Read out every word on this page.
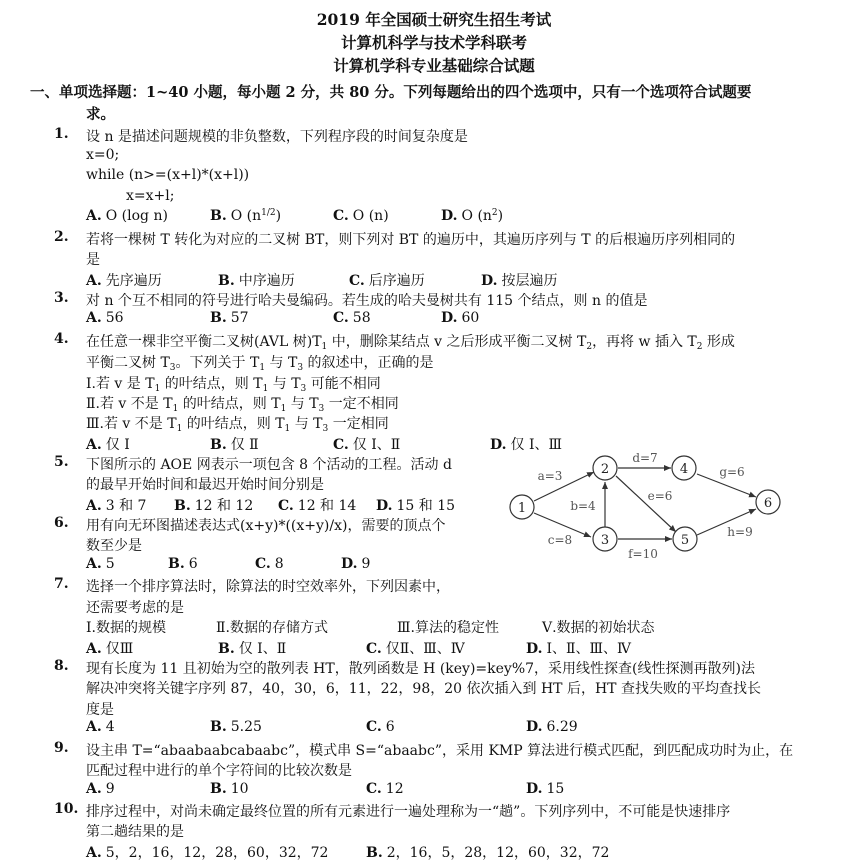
2019 年全国硕士研究生招生考试
计算机科学与技术学科联考
计算机学科专业基础综合试题
一、单项选择题：1~40 小题，每小题 2 分，共 80 分。下列每题给出的四个选项中，只有一个选项符合试题要
求。
1. 设 n 是描述问题规模的非负整数，下列程序段的时间复杂度是
x=0;
while (n>=(x+l)*(x+l))
x=x+l;
A. O (log n)	B. O $(n^{1/2})$	C. O (n)	D. O $(n^2)$
2. 若将一棵树 T 转化为对应的二叉树 BT，则下列对 BT 的遍历中，其遍历序列与 T 的后根遍历序列相同的
是
A. 先序遍历	B. 中序遍历	C. 后序遍历	D. 按层遍历
3. 对 n 个互不相同的符号进行哈夫曼编码。若生成的哈夫曼树共有 115 个结点，则 n 的值是
A. 56	B. 57	C. 58	D. 60
4. 在任意一棵非空平衡二叉树(AVL 树)$T_1$ 中，删除某结点 v 之后形成平衡二叉树 $T_2$，再将 w 插入 $T_2$ 形成
平衡二叉树 $T_3$。下列关于 $T_1$ 与 $T_3$ 的叙述中，正确的是
I.若 v 是 $T_1$ 的叶结点，则 $T_1$ 与 $T_3$ 可能不相同
Ⅱ.若 v 不是 $T_1$ 的叶结点，则 $T_1$ 与 $T_3$ 一定不相同
Ⅲ.若 v 不是 $T_1$ 的叶结点，则 $T_1$ 与 $T_3$ 一定相同
A. 仅 I	B. 仅 Ⅱ	C. 仅 I、Ⅱ	D. 仅 I、Ⅲ
5. 下图所示的 AOE 网表示一项包含 8 个活动的工程。活动 d
的最早开始时间和最迟开始时间分别是
A. 3 和 7 B. 12 和 12 C. 12 和 14 D. 15 和 15
6. 用有向无环图描述表达式(x+y)*((x+y)/x)，需要的顶点个
数至少是
A. 5	B. 6	C. 8	D. 9
1
2
3
4
5
6
a=3
b=4
c=8
d=7
e=6
f=10
g=6
h=9
7. 选择一个排序算法时，除算法的时空效率外，下列因素中，
还需要考虑的是
I.数据的规模	Ⅱ.数据的存储方式	Ⅲ.算法的稳定性	Ⅴ.数据的初始状态
A. 仅Ⅲ	B. 仅 I、Ⅱ	C. 仅Ⅱ、Ⅲ、Ⅳ	D. I、Ⅱ、Ⅲ、Ⅳ
8. 现有长度为 11 且初始为空的散列表 HT，散列函数是 H (key)=key%7，采用线性探查(线性探测再散列)法
解决冲突将关键字序列 87，40，30，6，11，22，98，20 依次插入到 HT 后，HT 查找失败的平均查找长
度是
A. 4	B. 5.25	C. 6	D. 6.29
9. 设主串 T=“abaabaabcabaabc”，模式串 S=“abaabc”，采用 KMP 算法进行模式匹配，到匹配成功时为止，在
匹配过程中进行的单个字符间的比较次数是
A. 9	B. 10	C. 12	D. 15
10. 排序过程中，对尚未确定最终位置的所有元素进行一遍处理称为一“趟”。下列序列中，不可能是快速排序
第二趟结果的是
A. 5，2，16，12，28，60，32，72	B. 2，16，5，28，12，60，32，72
